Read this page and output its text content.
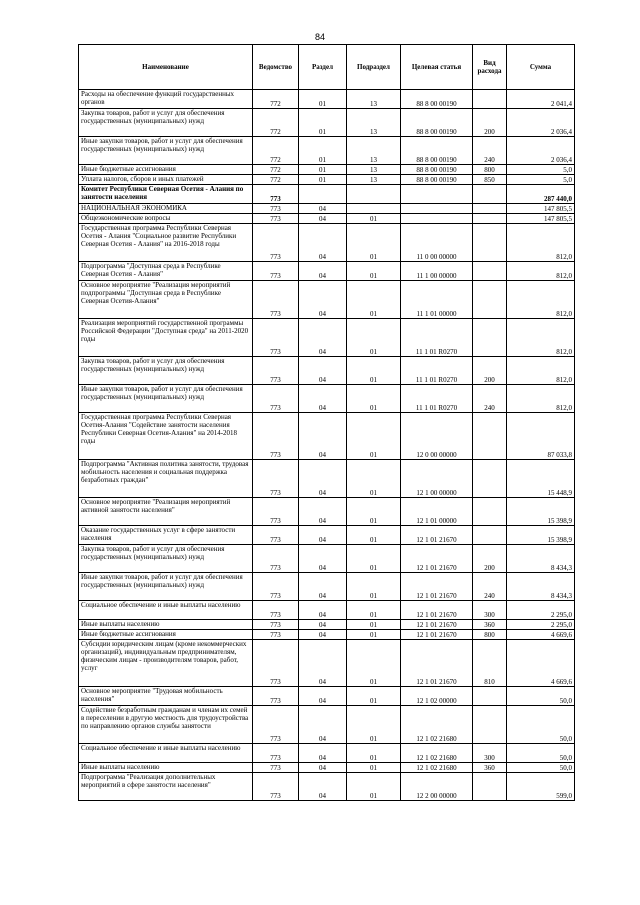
84
Наименование	Ведомство	Раздел	Подраздел	Целевая статья	Вид расхода	Сумма
Расходы на обеспечение функций государственных органов	772	01	13	88 8 00 00190		2 041,4
Закупка товаров, работ и услуг для обеспечения государственных (муниципальных) нужд	772	01	13	88 8 00 00190	200	2 036,4
Иные закупки товаров, работ и услуг для обеспечения государственных (муниципальных) нужд	772	01	13	88 8 00 00190	240	2 036,4
Иные бюджетные ассигнования	772	01	13	88 8 00 00190	800	5,0
Уплата налогов, сборов и иных платежей	772	01	13	88 8 00 00190	850	5,0
Комитет Республики Северная Осетия - Алания по занятости населения	773					287 440,0
НАЦИОНАЛЬНАЯ ЭКОНОМИКА	773	04				147 805,5
Общеэкономические вопросы	773	04	01			147 805,5
Государственная программа Республики Северная Осетия - Алания "Социальное развитие Республики Северная Осетия - Алания" на 2016-2018 годы	773	04	01	11 0 00 00000		812,0
Подпрограмма "Доступная среда в Республике Северная Осетия - Алания"	773	04	01	11 1 00 00000		812,0
Основное мероприятие "Реализация мероприятий подпрограммы "Доступная среда в Республике Северная Осетия-Алания"	773	04	01	11 1 01 00000		812,0
Реализация мероприятий государственной программы Российской Федерации "Доступная среда" на 2011-2020 годы	773	04	01	11 1 01 R0270		812,0
Закупка товаров, работ и услуг для обеспечения государственных (муниципальных) нужд	773	04	01	11 1 01 R0270	200	812,0
Иные закупки товаров, работ и услуг для обеспечения государственных (муниципальных) нужд	773	04	01	11 1 01 R0270	240	812,0
Государственная программа Республики Северная Осетия-Алания "Содействие занятости населения Республики Северная Осетия-Алания" на 2014-2018 годы	773	04	01	12 0 00 00000		87 033,8
Подпрограмма "Активная политика занятости, трудовая мобильность населения и социальная поддержка безработных граждан"	773	04	01	12 1 00 00000		15 448,9
Основное мероприятие "Реализация мероприятий активной занятости населения"	773	04	01	12 1 01 00000		15 398,9
Оказание государственных услуг в сфере занятости населения	773	04	01	12 1 01 21670		15 398,9
Закупка товаров, работ и услуг для обеспечения государственных (муниципальных) нужд	773	04	01	12 1 01 21670	200	8 434,3
Иные закупки товаров, работ и услуг для обеспечения государственных (муниципальных) нужд	773	04	01	12 1 01 21670	240	8 434,3
Социальное обеспечение и иные выплаты населению	773	04	01	12 1 01 21670	300	2 295,0
Иные выплаты населению	773	04	01	12 1 01 21670	360	2 295,0
Иные бюджетные ассигнования	773	04	01	12 1 01 21670	800	4 669,6
Субсидии юридическим лицам (кроме некоммерческих организаций), индивидуальным предпринимателям, физическим лицам - производителям товаров, работ, услуг	773	04	01	12 1 01 21670	810	4 669,6
Основное мероприятие "Трудовая мобильность населения"	773	04	01	12 1 02 00000		50,0
Содействие безработным гражданам и членам их семей в переселении в другую местность для трудоустройства по направлению органов службы занятости	773	04	01	12 1 02 21680		50,0
Социальное обеспечение и иные выплаты населению	773	04	01	12 1 02 21680	300	50,0
Иные выплаты населению	773	04	01	12 1 02 21680	360	50,0
Подпрограмма "Реализация дополнительных мероприятий в сфере занятости населения"	773	04	01	12 2 00 00000		599,0
